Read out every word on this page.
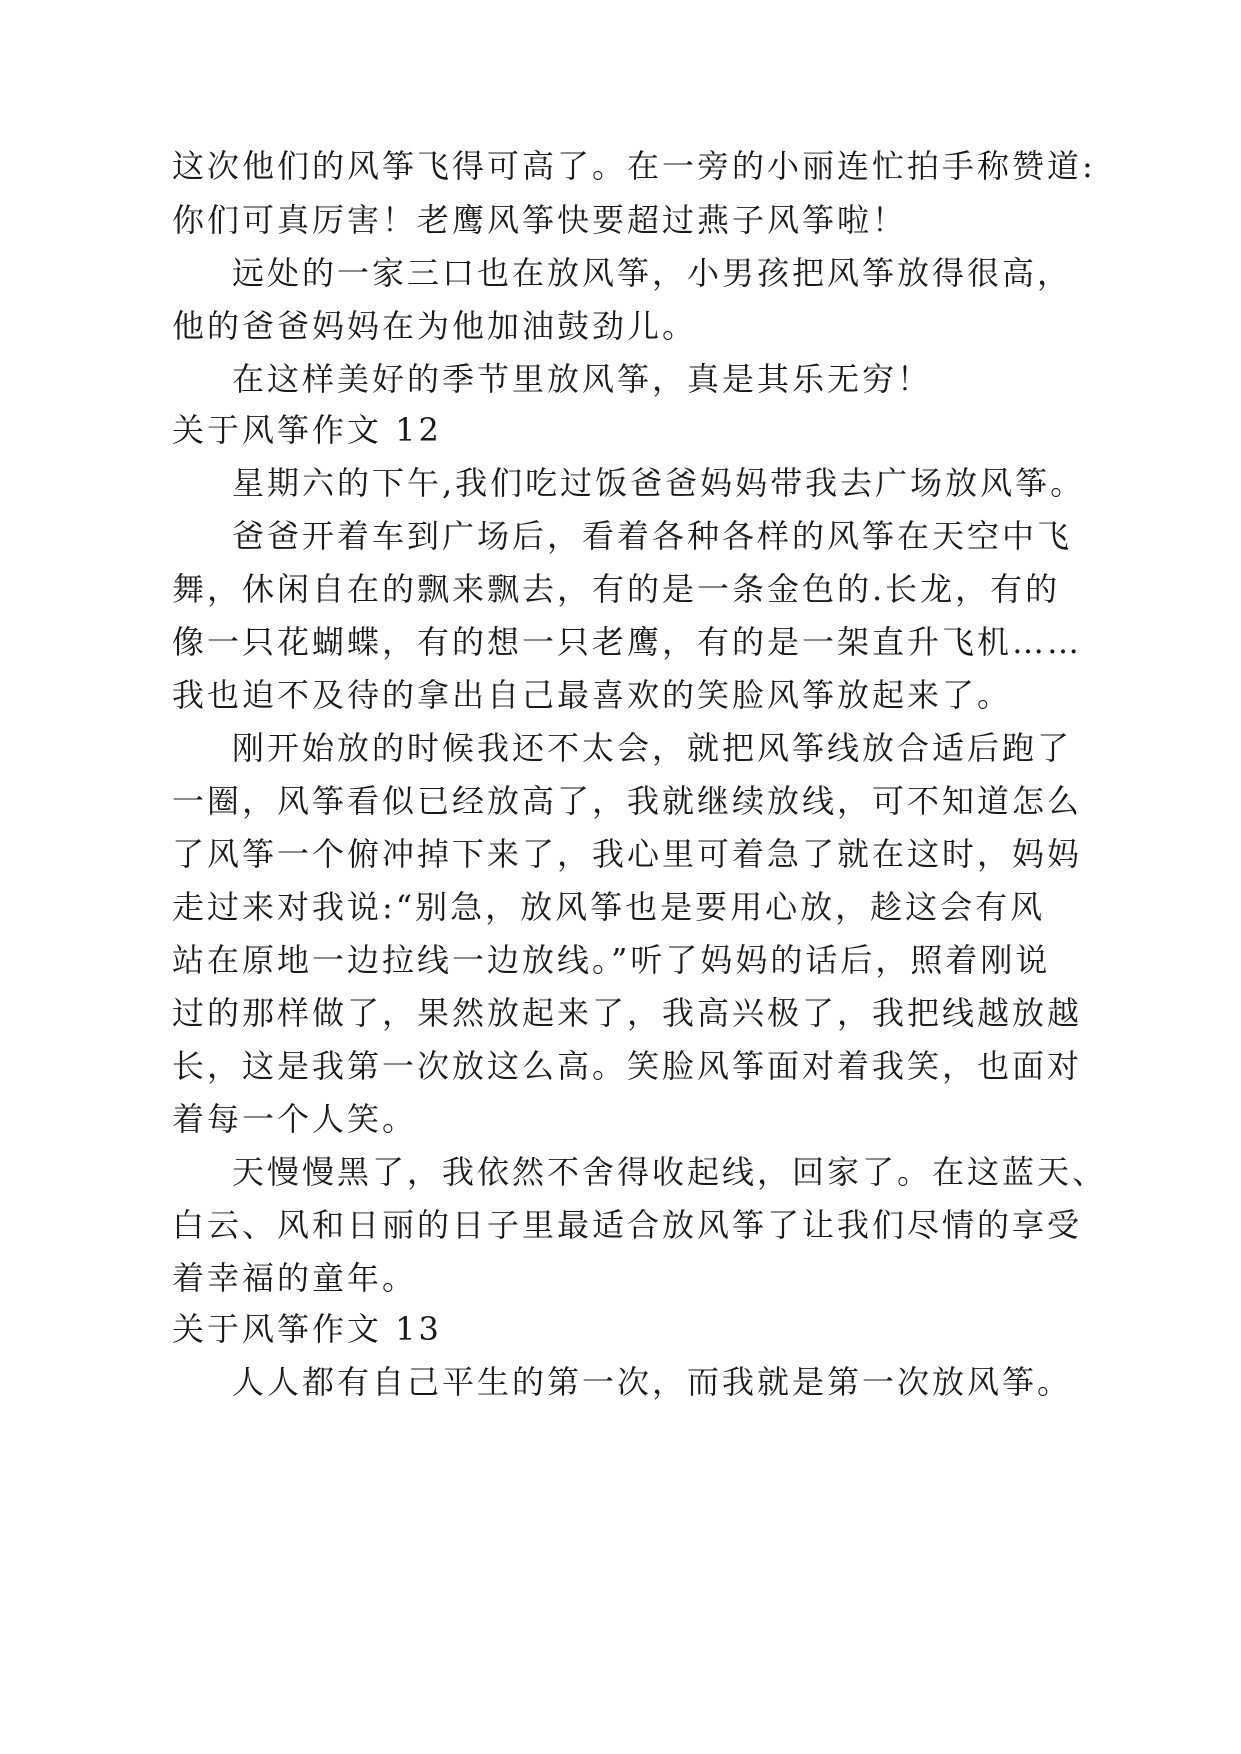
这次他们的风筝飞得可高了。在一旁的小丽连忙拍手称赞道:
你们可真厉害！老鹰风筝快要超过燕子风筝啦！
远处的一家三口也在放风筝，小男孩把风筝放得很高，
他的爸爸妈妈在为他加油鼓劲儿。
在这样美好的季节里放风筝，真是其乐无穷！
关于风筝作文 12
星期六的下午,我们吃过饭爸爸妈妈带我去广场放风筝。
爸爸开着车到广场后，看着各种各样的风筝在天空中飞
舞，休闲自在的飘来飘去，有的是一条金色的.长龙，有的
像一只花蝴蝶，有的想一只老鹰，有的是一架直升飞机……
我也迫不及待的拿出自己最喜欢的笑脸风筝放起来了。
刚开始放的时候我还不太会，就把风筝线放合适后跑了
一圈，风筝看似已经放高了，我就继续放线，可不知道怎么
了风筝一个俯冲掉下来了，我心里可着急了就在这时，妈妈
走过来对我说:“别急，放风筝也是要用心放，趁这会有风
站在原地一边拉线一边放线。”听了妈妈的话后，照着刚说
过的那样做了，果然放起来了，我高兴极了，我把线越放越
长，这是我第一次放这么高。笑脸风筝面对着我笑，也面对
着每一个人笑。
天慢慢黑了，我依然不舍得收起线，回家了。在这蓝天、
白云、风和日丽的日子里最适合放风筝了让我们尽情的享受
着幸福的童年。
关于风筝作文 13
人人都有自己平生的第一次，而我就是第一次放风筝。
